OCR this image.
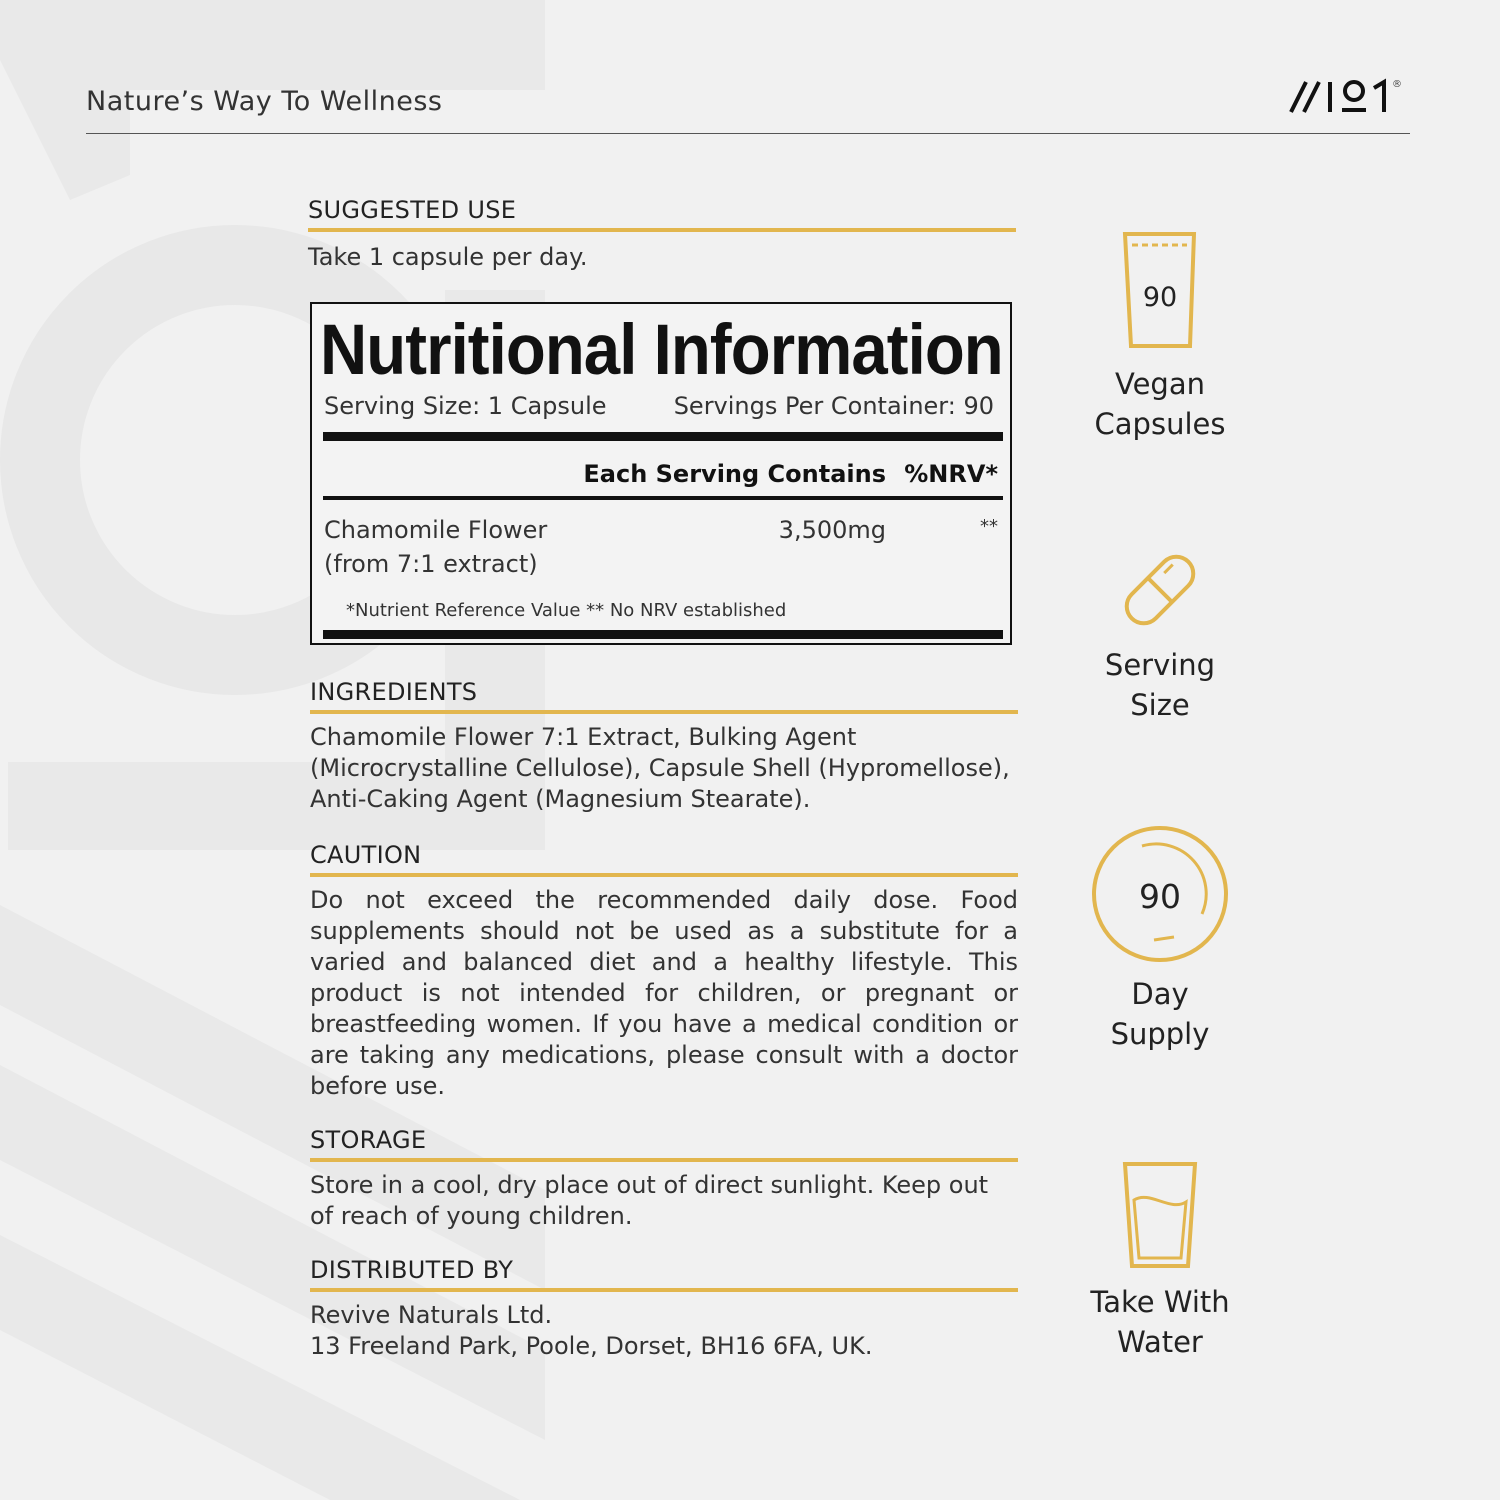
Nature’s Way To Wellness
®
SUGGESTED USE
Take 1 capsule per day.
Nutritional Information
Serving Size: 1 Capsule	Servings Per Container: 90
Each Serving Contains %NRV*
Chamomile Flower
(from 7:1 extract)
3,500mg	**
*Nutrient Reference Value ** No NRV established
INGREDIENTS
Chamomile Flower 7:1 Extract, Bulking Agent (Microcrystalline Cellulose), Capsule Shell (Hypromellose), Anti-Caking Agent (Magnesium Stearate).
CAUTION
Do not exceed the recommended daily dose. Food supplements should not be used as a substitute for a varied and balanced diet and a healthy lifestyle. This product is not intended for children, or pregnant or breastfeeding women. If you have a medical condition or are taking any medications, please consult with a doctor before use.
STORAGE
Store in a cool, dry place out of direct sunlight. Keep out of reach of young children.
DISTRIBUTED BY
Revive Naturals Ltd.
13 Freeland Park, Poole, Dorset, BH16 6FA, UK.
90
Vegan
Capsules
Serving
Size
90
Day
Supply
Take With
Water
